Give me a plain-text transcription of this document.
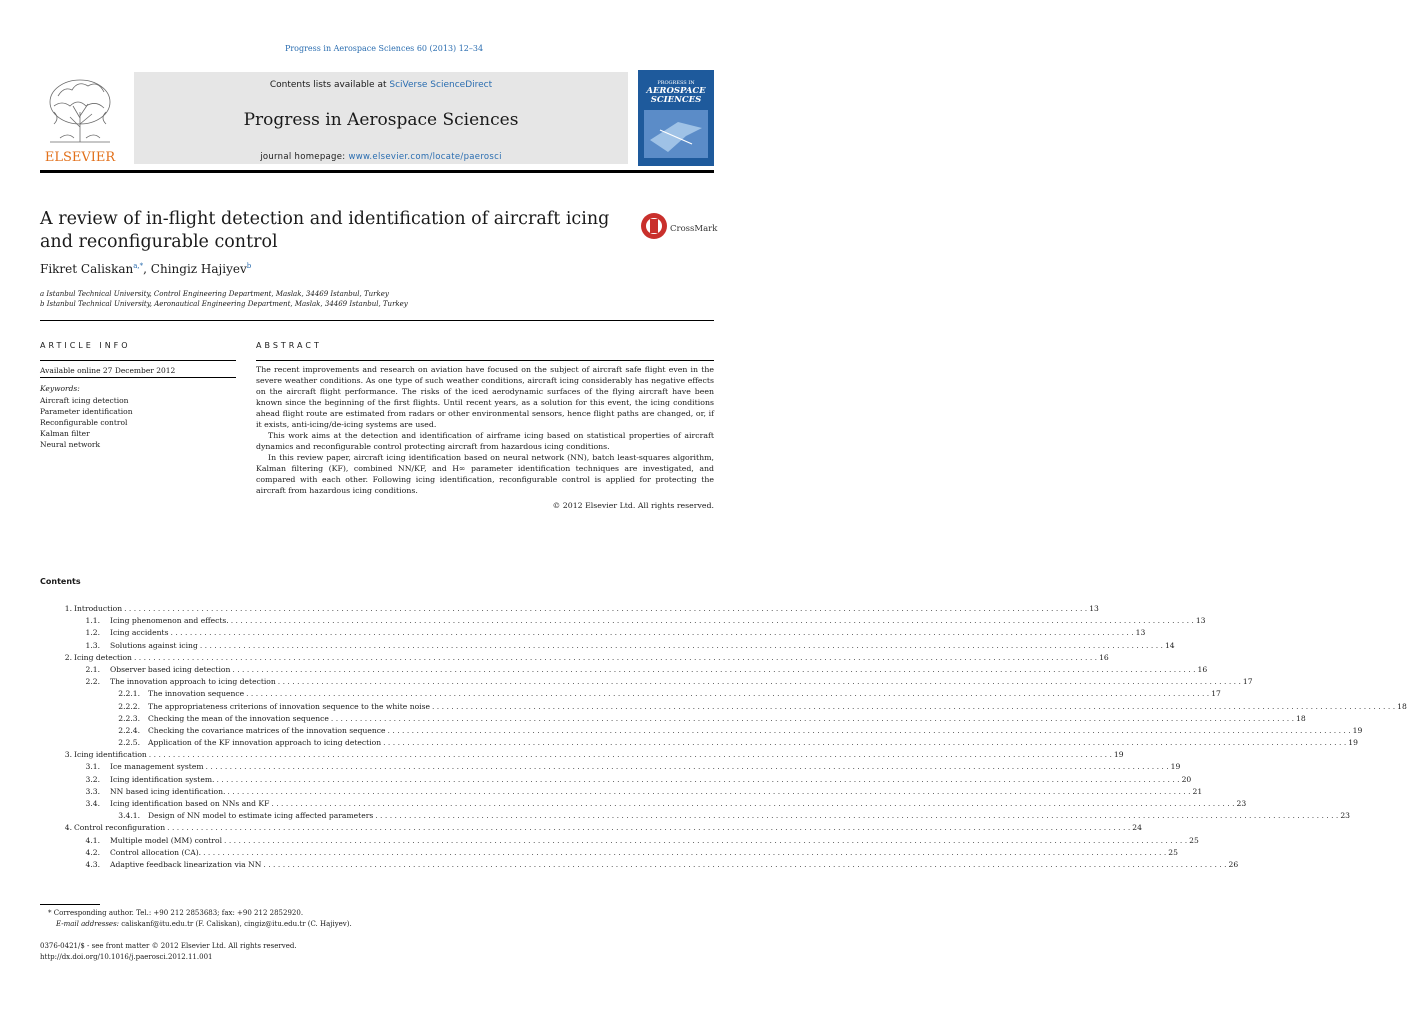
Progress in Aerospace Sciences 60 (2013) 12–34
ELSEVIER
Contents lists available at SciVerse ScienceDirect
Progress in Aerospace Sciences
journal homepage: www.elsevier.com/locate/paerosci
PROGRESS IN
AEROSPACE
SCIENCES
A review of in-flight detection and identification of aircraft icing and reconfigurable control
CrossMark
Fikret Caliskan$^{a,*}$, Chingiz Hajiyev$^b$
a Istanbul Technical University, Control Engineering Department, Maslak, 34469 Istanbul, Turkey
b Istanbul Technical University, Aeronautical Engineering Department, Maslak, 34469 Istanbul, Turkey
ARTICLE INFO
Available online 27 December 2012
Keywords:
Aircraft icing detection
Parameter identification
Reconfigurable control
Kalman filter
Neural network
ABSTRACT

The recent improvements and research on aviation have focused on the subject of aircraft safe flight even in the severe weather conditions. As one type of such weather conditions, aircraft icing considerably has negative effects on the aircraft flight performance. The risks of the iced aerodynamic surfaces of the flying aircraft have been known since the beginning of the first flights. Until recent years, as a solution for this event, the icing conditions ahead flight route are estimated from radars or other environmental sensors, hence flight paths are changed, or, if it exists, anti-icing/de-icing systems are used.

This work aims at the detection and identification of airframe icing based on statistical properties of aircraft dynamics and reconfigurable control protecting aircraft from hazardous icing conditions.

In this review paper, aircraft icing identification based on neural network (NN), batch least-squares algorithm, Kalman filtering (KF), combined NN/KF, and H∞ parameter identification techniques are investigated, and compared with each other. Following icing identification, reconfigurable control is applied for protecting the aircraft from hazardous icing conditions.

© 2012 Elsevier Ltd. All rights reserved.
Contents
1. Introduction . . . . . . . . . . . . . . . . . . . . . . . . . . . . . . . . . . . . . . . . . . . . . . . . . . . . . . . . . . . . . . . . . . . . . . . . . . . . . . . . . . . . . . . . . . . . . . . . . . . . . . . . . . . . . . . . . . . . . . . . . . . . . . . . . . . . . . . . . . . . . . . . . . . . . . . . . . . . . . . . . . . . . . . . . . . . . . . . . . . . . . . . . . . . . . . . . . . . . . . . 13
1.1. Icing phenomenon and effects. . . . . . . . . . . . . . . . . . . . . . . . . . . . . . . . . . . . . . . . . . . . . . . . . . . . . . . . . . . . . . . . . . . . . . . . . . . . . . . . . . . . . . . . . . . . . . . . . . . . . . . . . . . . . . . . . . . . . . . . . . . . . . . . . . . . . . . . . . . . . . . . . . . . . . . . . . . . . . . . . . . . . . . . . . . . . . . . . . . . . . . . . . . . . . . . . . . . . . . . . 13
1.2. Icing accidents . . . . . . . . . . . . . . . . . . . . . . . . . . . . . . . . . . . . . . . . . . . . . . . . . . . . . . . . . . . . . . . . . . . . . . . . . . . . . . . . . . . . . . . . . . . . . . . . . . . . . . . . . . . . . . . . . . . . . . . . . . . . . . . . . . . . . . . . . . . . . . . . . . . . . . . . . . . . . . . . . . . . . . . . . . . . . . . . . . . . . . . . . . . . . . . . . . . . . . . . 13
1.3. Solutions against icing . . . . . . . . . . . . . . . . . . . . . . . . . . . . . . . . . . . . . . . . . . . . . . . . . . . . . . . . . . . . . . . . . . . . . . . . . . . . . . . . . . . . . . . . . . . . . . . . . . . . . . . . . . . . . . . . . . . . . . . . . . . . . . . . . . . . . . . . . . . . . . . . . . . . . . . . . . . . . . . . . . . . . . . . . . . . . . . . . . . . . . . . . . . . . . . . . . . . . . . . 14
2. Icing detection . . . . . . . . . . . . . . . . . . . . . . . . . . . . . . . . . . . . . . . . . . . . . . . . . . . . . . . . . . . . . . . . . . . . . . . . . . . . . . . . . . . . . . . . . . . . . . . . . . . . . . . . . . . . . . . . . . . . . . . . . . . . . . . . . . . . . . . . . . . . . . . . . . . . . . . . . . . . . . . . . . . . . . . . . . . . . . . . . . . . . . . . . . . . . . . . . . . . . . . . 16
2.1. Observer based icing detection . . . . . . . . . . . . . . . . . . . . . . . . . . . . . . . . . . . . . . . . . . . . . . . . . . . . . . . . . . . . . . . . . . . . . . . . . . . . . . . . . . . . . . . . . . . . . . . . . . . . . . . . . . . . . . . . . . . . . . . . . . . . . . . . . . . . . . . . . . . . . . . . . . . . . . . . . . . . . . . . . . . . . . . . . . . . . . . . . . . . . . . . . . . . . . . . . . . . . . . . 16
2.2. The innovation approach to icing detection . . . . . . . . . . . . . . . . . . . . . . . . . . . . . . . . . . . . . . . . . . . . . . . . . . . . . . . . . . . . . . . . . . . . . . . . . . . . . . . . . . . . . . . . . . . . . . . . . . . . . . . . . . . . . . . . . . . . . . . . . . . . . . . . . . . . . . . . . . . . . . . . . . . . . . . . . . . . . . . . . . . . . . . . . . . . . . . . . . . . . . . . . . . . . . . . . . . . . . . . 17
2.2.1. The innovation sequence . . . . . . . . . . . . . . . . . . . . . . . . . . . . . . . . . . . . . . . . . . . . . . . . . . . . . . . . . . . . . . . . . . . . . . . . . . . . . . . . . . . . . . . . . . . . . . . . . . . . . . . . . . . . . . . . . . . . . . . . . . . . . . . . . . . . . . . . . . . . . . . . . . . . . . . . . . . . . . . . . . . . . . . . . . . . . . . . . . . . . . . . . . . . . . . . . . . . . . . . 17
2.2.2. The appropriateness criterions of innovation sequence to the white noise . . . . . . . . . . . . . . . . . . . . . . . . . . . . . . . . . . . . . . . . . . . . . . . . . . . . . . . . . . . . . . . . . . . . . . . . . . . . . . . . . . . . . . . . . . . . . . . . . . . . . . . . . . . . . . . . . . . . . . . . . . . . . . . . . . . . . . . . . . . . . . . . . . . . . . . . . . . . . . . . . . . . . . . . . . . . . . . . . . . . . . . . . . . . . . . . . . . . . . . . 18
2.2.3. Checking the mean of the innovation sequence . . . . . . . . . . . . . . . . . . . . . . . . . . . . . . . . . . . . . . . . . . . . . . . . . . . . . . . . . . . . . . . . . . . . . . . . . . . . . . . . . . . . . . . . . . . . . . . . . . . . . . . . . . . . . . . . . . . . . . . . . . . . . . . . . . . . . . . . . . . . . . . . . . . . . . . . . . . . . . . . . . . . . . . . . . . . . . . . . . . . . . . . . . . . . . . . . . . . . . . . 18
2.2.4. Checking the covariance matrices of the innovation sequence . . . . . . . . . . . . . . . . . . . . . . . . . . . . . . . . . . . . . . . . . . . . . . . . . . . . . . . . . . . . . . . . . . . . . . . . . . . . . . . . . . . . . . . . . . . . . . . . . . . . . . . . . . . . . . . . . . . . . . . . . . . . . . . . . . . . . . . . . . . . . . . . . . . . . . . . . . . . . . . . . . . . . . . . . . . . . . . . . . . . . . . . . . . . . . . . . . . . . . . . 19
2.2.5. Application of the KF innovation approach to icing detection . . . . . . . . . . . . . . . . . . . . . . . . . . . . . . . . . . . . . . . . . . . . . . . . . . . . . . . . . . . . . . . . . . . . . . . . . . . . . . . . . . . . . . . . . . . . . . . . . . . . . . . . . . . . . . . . . . . . . . . . . . . . . . . . . . . . . . . . . . . . . . . . . . . . . . . . . . . . . . . . . . . . . . . . . . . . . . . . . . . . . . . . . . . . . . . . . . . . . . . . 19
3. Icing identification . . . . . . . . . . . . . . . . . . . . . . . . . . . . . . . . . . . . . . . . . . . . . . . . . . . . . . . . . . . . . . . . . . . . . . . . . . . . . . . . . . . . . . . . . . . . . . . . . . . . . . . . . . . . . . . . . . . . . . . . . . . . . . . . . . . . . . . . . . . . . . . . . . . . . . . . . . . . . . . . . . . . . . . . . . . . . . . . . . . . . . . . . . . . . . . . . . . . . . . . 19
3.1. Ice management system . . . . . . . . . . . . . . . . . . . . . . . . . . . . . . . . . . . . . . . . . . . . . . . . . . . . . . . . . . . . . . . . . . . . . . . . . . . . . . . . . . . . . . . . . . . . . . . . . . . . . . . . . . . . . . . . . . . . . . . . . . . . . . . . . . . . . . . . . . . . . . . . . . . . . . . . . . . . . . . . . . . . . . . . . . . . . . . . . . . . . . . . . . . . . . . . . . . . . . . . 19
3.2. Icing identification system. . . . . . . . . . . . . . . . . . . . . . . . . . . . . . . . . . . . . . . . . . . . . . . . . . . . . . . . . . . . . . . . . . . . . . . . . . . . . . . . . . . . . . . . . . . . . . . . . . . . . . . . . . . . . . . . . . . . . . . . . . . . . . . . . . . . . . . . . . . . . . . . . . . . . . . . . . . . . . . . . . . . . . . . . . . . . . . . . . . . . . . . . . . . . . . . . . . . . . . . . 20
3.3. NN based icing identification. . . . . . . . . . . . . . . . . . . . . . . . . . . . . . . . . . . . . . . . . . . . . . . . . . . . . . . . . . . . . . . . . . . . . . . . . . . . . . . . . . . . . . . . . . . . . . . . . . . . . . . . . . . . . . . . . . . . . . . . . . . . . . . . . . . . . . . . . . . . . . . . . . . . . . . . . . . . . . . . . . . . . . . . . . . . . . . . . . . . . . . . . . . . . . . . . . . . . . . . . 21
3.4. Icing identification based on NNs and KF . . . . . . . . . . . . . . . . . . . . . . . . . . . . . . . . . . . . . . . . . . . . . . . . . . . . . . . . . . . . . . . . . . . . . . . . . . . . . . . . . . . . . . . . . . . . . . . . . . . . . . . . . . . . . . . . . . . . . . . . . . . . . . . . . . . . . . . . . . . . . . . . . . . . . . . . . . . . . . . . . . . . . . . . . . . . . . . . . . . . . . . . . . . . . . . . . . . . . . . . 23
3.4.1. Design of NN model to estimate icing affected parameters . . . . . . . . . . . . . . . . . . . . . . . . . . . . . . . . . . . . . . . . . . . . . . . . . . . . . . . . . . . . . . . . . . . . . . . . . . . . . . . . . . . . . . . . . . . . . . . . . . . . . . . . . . . . . . . . . . . . . . . . . . . . . . . . . . . . . . . . . . . . . . . . . . . . . . . . . . . . . . . . . . . . . . . . . . . . . . . . . . . . . . . . . . . . . . . . . . . . . . . . 23
4. Control reconfiguration . . . . . . . . . . . . . . . . . . . . . . . . . . . . . . . . . . . . . . . . . . . . . . . . . . . . . . . . . . . . . . . . . . . . . . . . . . . . . . . . . . . . . . . . . . . . . . . . . . . . . . . . . . . . . . . . . . . . . . . . . . . . . . . . . . . . . . . . . . . . . . . . . . . . . . . . . . . . . . . . . . . . . . . . . . . . . . . . . . . . . . . . . . . . . . . . . . . . . . . . 24
4.1. Multiple model (MM) control . . . . . . . . . . . . . . . . . . . . . . . . . . . . . . . . . . . . . . . . . . . . . . . . . . . . . . . . . . . . . . . . . . . . . . . . . . . . . . . . . . . . . . . . . . . . . . . . . . . . . . . . . . . . . . . . . . . . . . . . . . . . . . . . . . . . . . . . . . . . . . . . . . . . . . . . . . . . . . . . . . . . . . . . . . . . . . . . . . . . . . . . . . . . . . . . . . . . . . . . 25
4.2. Control allocation (CA). . . . . . . . . . . . . . . . . . . . . . . . . . . . . . . . . . . . . . . . . . . . . . . . . . . . . . . . . . . . . . . . . . . . . . . . . . . . . . . . . . . . . . . . . . . . . . . . . . . . . . . . . . . . . . . . . . . . . . . . . . . . . . . . . . . . . . . . . . . . . . . . . . . . . . . . . . . . . . . . . . . . . . . . . . . . . . . . . . . . . . . . . . . . . . . . . . . . . . . . . 25
4.3. Adaptive feedback linearization via NN . . . . . . . . . . . . . . . . . . . . . . . . . . . . . . . . . . . . . . . . . . . . . . . . . . . . . . . . . . . . . . . . . . . . . . . . . . . . . . . . . . . . . . . . . . . . . . . . . . . . . . . . . . . . . . . . . . . . . . . . . . . . . . . . . . . . . . . . . . . . . . . . . . . . . . . . . . . . . . . . . . . . . . . . . . . . . . . . . . . . . . . . . . . . . . . . . . . . . . . . 26
* Corresponding author. Tel.: +90 212 2853683; fax: +90 212 2852920.
E-mail addresses: caliskanf@itu.edu.tr (F. Caliskan), cingiz@itu.edu.tr (C. Hajiyev).
0376-0421/$ - see front matter © 2012 Elsevier Ltd. All rights reserved.
http://dx.doi.org/10.1016/j.paerosci.2012.11.001
